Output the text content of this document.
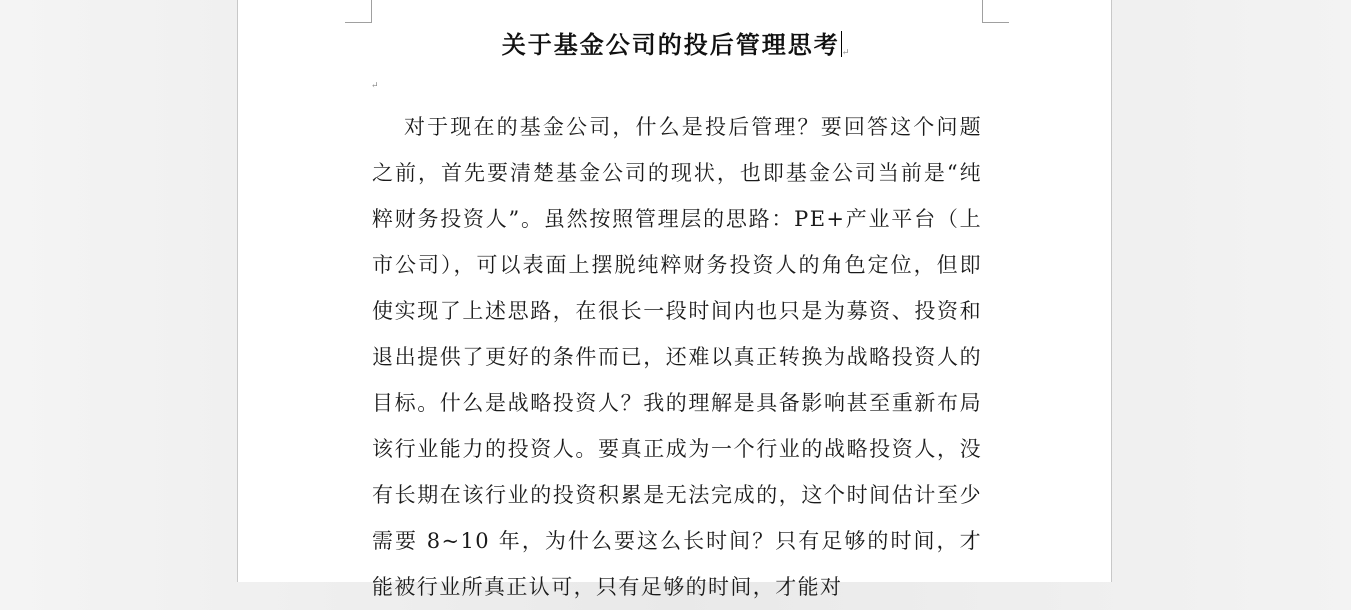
关于基金公司的投后管理思考 ↵
↵

对于现在的基金公司，什么是投后管理？要回答这个问题之前，首先要清楚基金公司的现状，也即基金公司当前是“纯粹财务投资人”。虽然按照管理层的思路：PE+产业平台（上市公司），可以表面上摆脱纯粹财务投资人的角色定位，但即使实现了上述思路，在很长一段时间内也只是为募资、投资和退出提供了更好的条件而已，还难以真正转换为战略投资人的目标。什么是战略投资人？我的理解是具备影响甚至重新布局该行业能力的投资人。要真正成为一个行业的战略投资人，没有长期在该行业的投资积累是无法完成的，这个时间估计至少需要 8~10 年，为什么要这么长时间？只有足够的时间，才能被行业所真正认可，只有足够的时间，才能对
